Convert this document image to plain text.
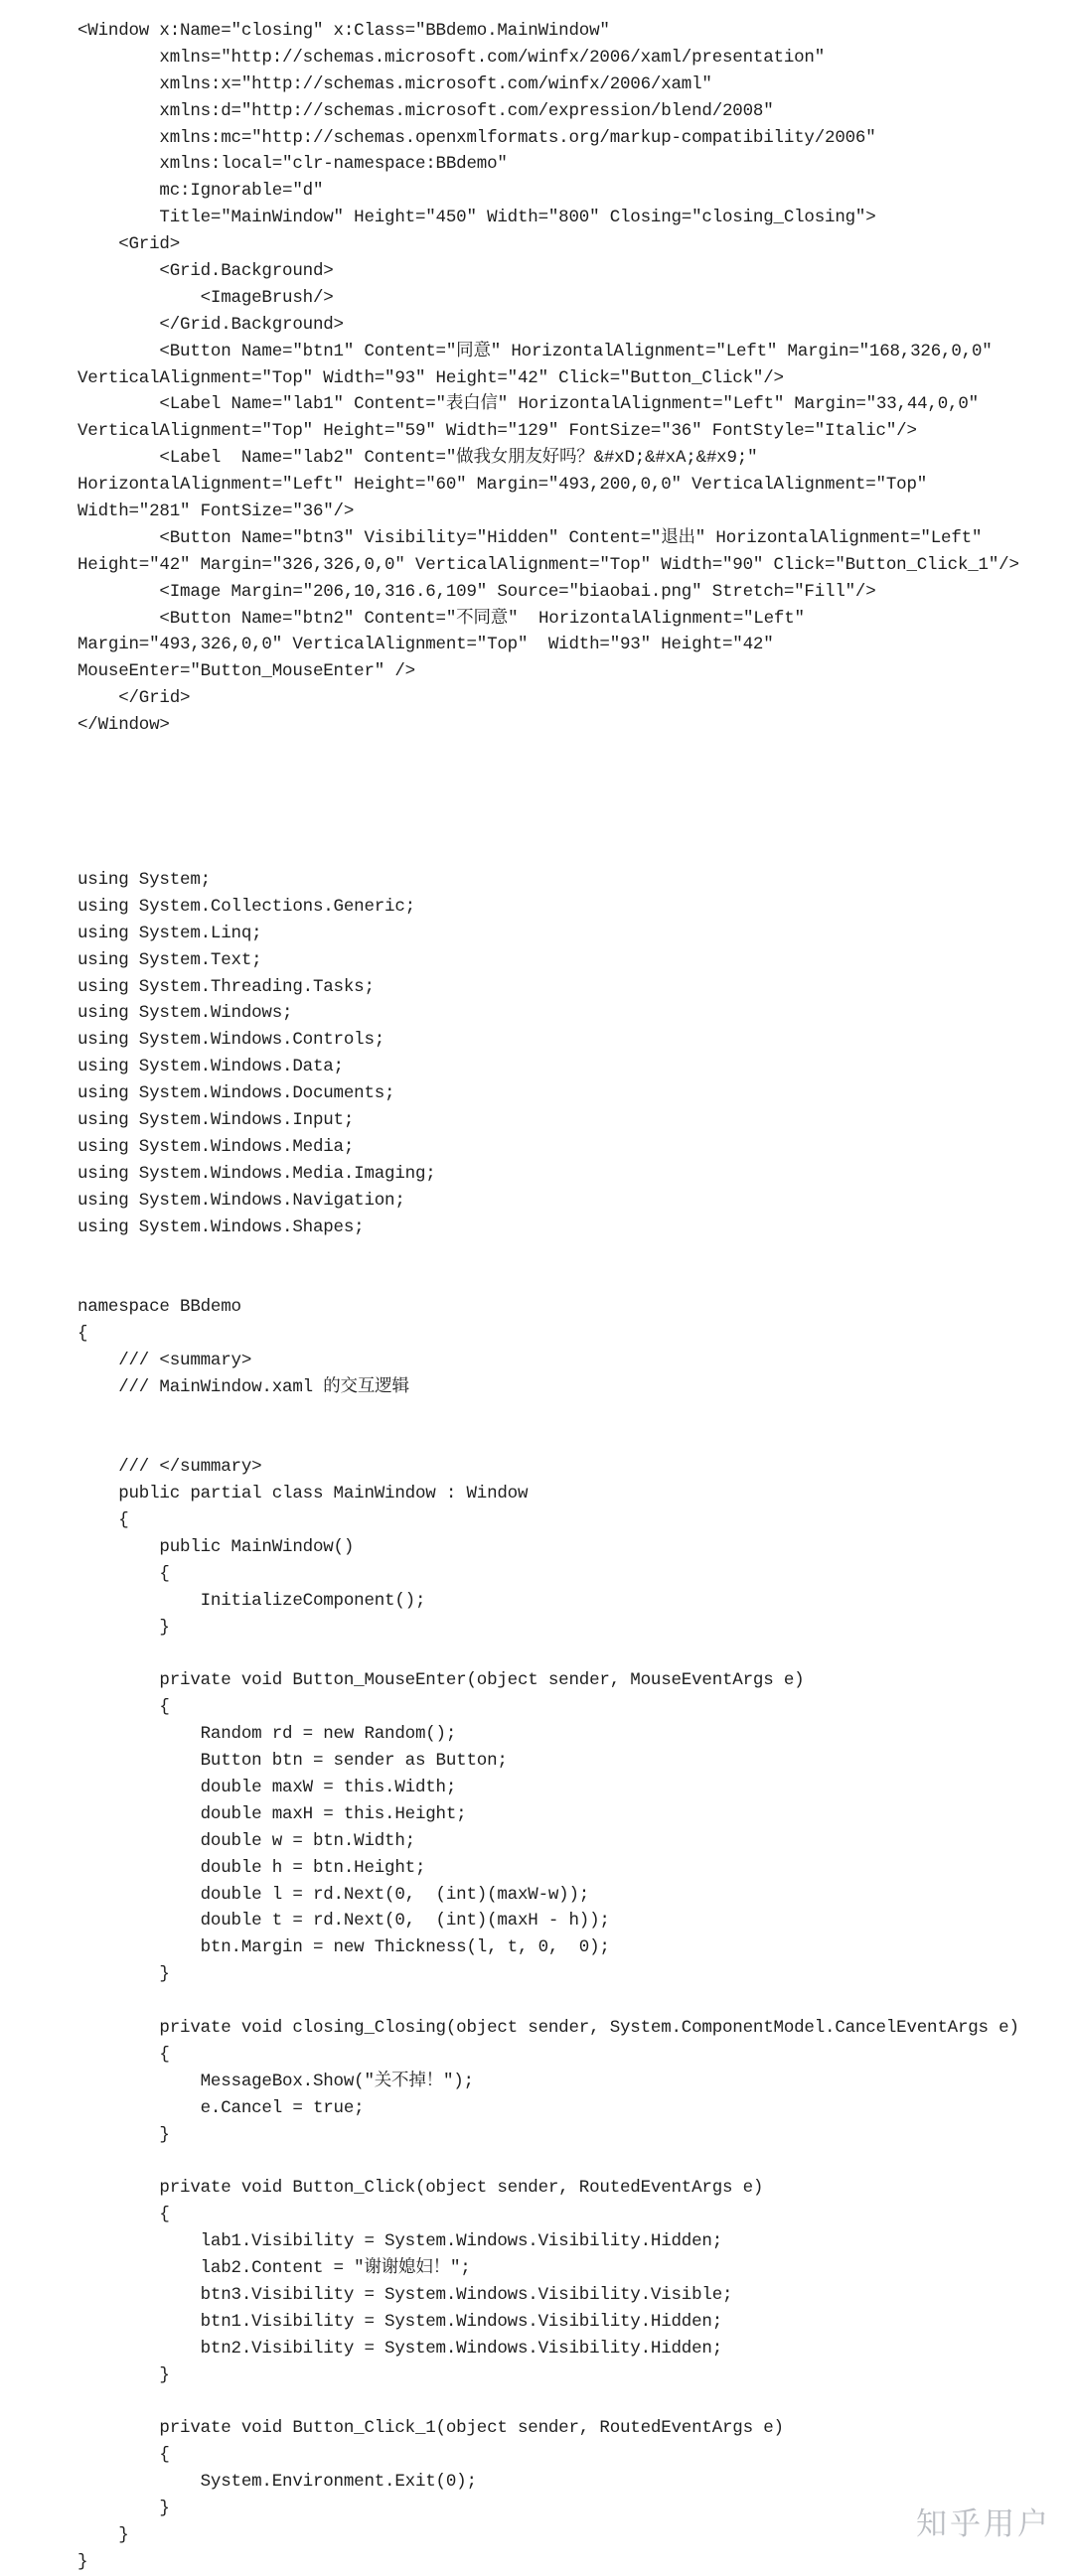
<Window x:Name="closing" x:Class="BBdemo.MainWindow"
xmlns="http://schemas.microsoft.com/winfx/2006/xaml/presentation"
xmlns:x="http://schemas.microsoft.com/winfx/2006/xaml"
xmlns:d="http://schemas.microsoft.com/expression/blend/2008"
xmlns:mc="http://schemas.openxmlformats.org/markup-compatibility/2006"
xmlns:local="clr-namespace:BBdemo"
mc:Ignorable="d"
Title="MainWindow" Height="450" Width="800" Closing="closing_Closing">
<Grid>
<Grid.Background>
<ImageBrush/>
</Grid.Background>
<Button Name="btn1" Content="同意" HorizontalAlignment="Left" Margin="168,326,0,0"
VerticalAlignment="Top" Width="93" Height="42" Click="Button_Click"/>
<Label Name="lab1" Content="表白信" HorizontalAlignment="Left" Margin="33,44,0,0"
VerticalAlignment="Top" Height="59" Width="129" FontSize="36" FontStyle="Italic"/>
<Label  Name="lab2" Content="做我女朋友好吗？&#xD;&#xA;&#x9;"
HorizontalAlignment="Left" Height="60" Margin="493,200,0,0" VerticalAlignment="Top"
Width="281" FontSize="36"/>
<Button Name="btn3" Visibility="Hidden" Content="退出" HorizontalAlignment="Left"
Height="42" Margin="326,326,0,0" VerticalAlignment="Top" Width="90" Click="Button_Click_1"/>
<Image Margin="206,10,316.6,109" Source="biaobai.png" Stretch="Fill"/>
<Button Name="btn2" Content="不同意"  HorizontalAlignment="Left"
Margin="493,326,0,0" VerticalAlignment="Top"  Width="93" Height="42"
MouseEnter="Button_MouseEnter" />
</Grid>
</Window>
using System;
using System.Collections.Generic;
using System.Linq;
using System.Text;
using System.Threading.Tasks;
using System.Windows;
using System.Windows.Controls;
using System.Windows.Data;
using System.Windows.Documents;
using System.Windows.Input;
using System.Windows.Media;
using System.Windows.Media.Imaging;
using System.Windows.Navigation;
using System.Windows.Shapes;
namespace BBdemo
{
/// <summary>
/// MainWindow.xaml 的交互逻辑
/// </summary>
public partial class MainWindow : Window
{
public MainWindow()
{
InitializeComponent();
}
private void Button_MouseEnter(object sender, MouseEventArgs e)
{
Random rd = new Random();
Button btn = sender as Button;
double maxW = this.Width;
double maxH = this.Height;
double w = btn.Width;
double h = btn.Height;
double l = rd.Next(0,  (int)(maxW-w));
double t = rd.Next(0,  (int)(maxH - h));
btn.Margin = new Thickness(l, t, 0,  0);
}
private void closing_Closing(object sender, System.ComponentModel.CancelEventArgs e)
{
MessageBox.Show("关不掉！");
e.Cancel = true;
}
private void Button_Click(object sender, RoutedEventArgs e)
{
lab1.Visibility = System.Windows.Visibility.Hidden;
lab2.Content = "谢谢媳妇！";
btn3.Visibility = System.Windows.Visibility.Visible;
btn1.Visibility = System.Windows.Visibility.Hidden;
btn2.Visibility = System.Windows.Visibility.Hidden;
}
private void Button_Click_1(object sender, RoutedEventArgs e)
{
System.Environment.Exit(0);
}
}
}
知乎用户
